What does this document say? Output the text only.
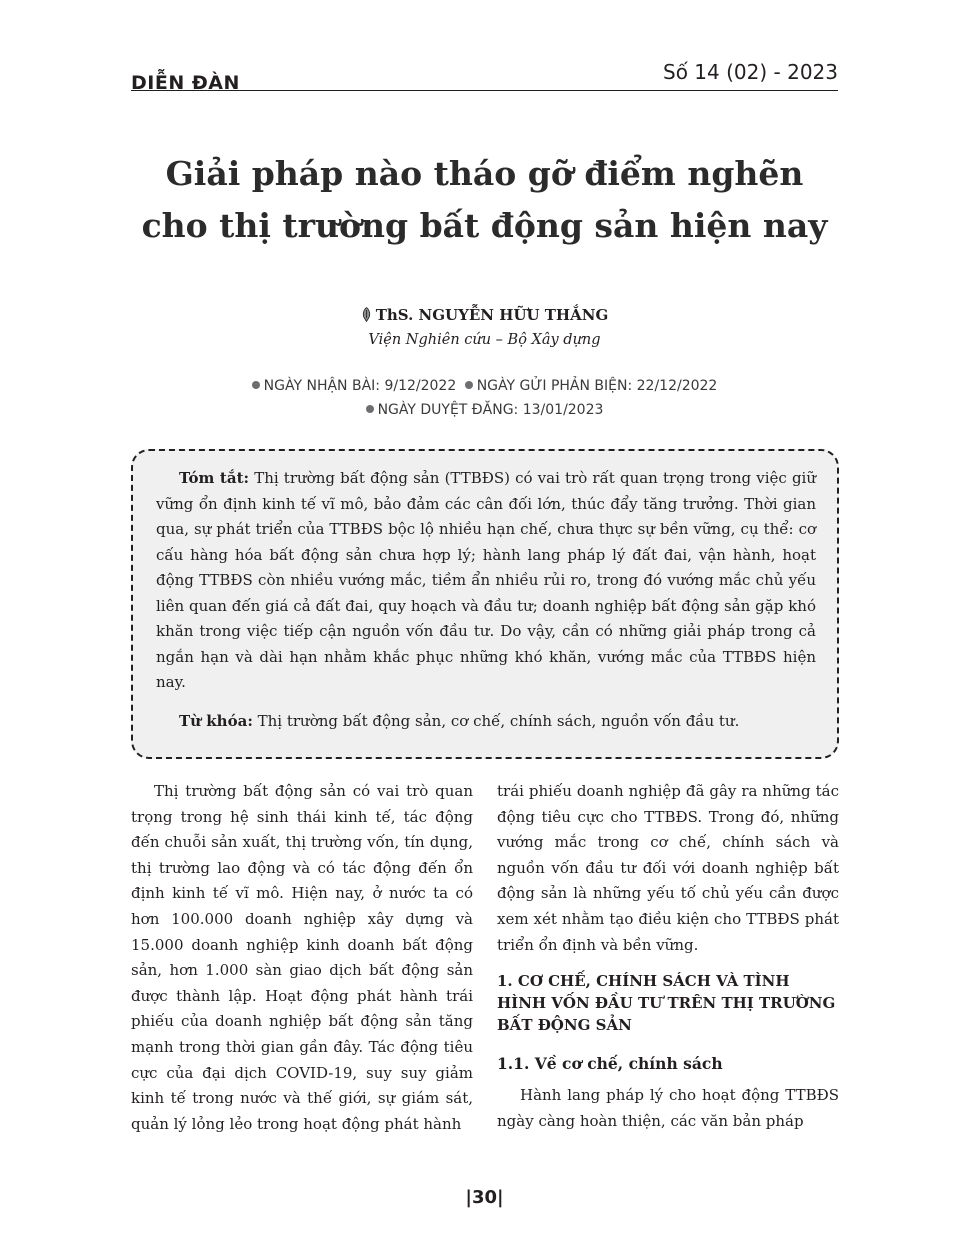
DIỄN ĐÀN	Số 14 (02) - 2023
Giải pháp nào tháo gỡ điểm nghẽn
cho thị trường bất động sản hiện nay
ThS. NGUYỄN HỮU THẮNG
Viện Nghiên cứu – Bộ Xây dựng
NGÀY NHẬN BÀI: 9/12/2022 NGÀY GỬI PHẢN BIỆN: 22/12/2022
NGÀY DUYỆT ĐĂNG: 13/01/2023

Tóm tắt: Thị trường bất động sản (TTBĐS) có vai trò rất quan trọng trong việc giữ vững ổn định kinh tế vĩ mô, bảo đảm các cân đối lớn, thúc đẩy tăng trưởng. Thời gian qua, sự phát triển của TTBĐS bộc lộ nhiều hạn chế, chưa thực sự bền vững, cụ thể: cơ cấu hàng hóa bất động sản chưa hợp lý; hành lang pháp lý đất đai, vận hành, hoạt động TTBĐS còn nhiều vướng mắc, tiềm ẩn nhiều rủi ro, trong đó vướng mắc chủ yếu liên quan đến giá cả đất đai, quy hoạch và đầu tư; doanh nghiệp bất động sản gặp khó khăn trong việc tiếp cận nguồn vốn đầu tư. Do vậy, cần có những giải pháp trong cả ngắn hạn và dài hạn nhằm khắc phục những khó khăn, vướng mắc của TTBĐS hiện nay.

Từ khóa: Thị trường bất động sản, cơ chế, chính sách, nguồn vốn đầu tư.

Thị trường bất động sản có vai trò quan trọng trong hệ sinh thái kinh tế, tác động đến chuỗi sản xuất, thị trường vốn, tín dụng, thị trường lao động và có tác động đến ổn định kinh tế vĩ mô. Hiện nay, ở nước ta có hơn 100.000 doanh nghiệp xây dựng và 15.000 doanh nghiệp kinh doanh bất động sản, hơn 1.000 sàn giao dịch bất động sản được thành lập. Hoạt động phát hành trái phiếu của doanh nghiệp bất động sản tăng mạnh trong thời gian gần đây. Tác động tiêu cực của đại dịch COVID-19, suy suy giảm kinh tế trong nước và thế giới, sự giám sát, quản lý lỏng lẻo trong hoạt động phát hành

trái phiếu doanh nghiệp đã gây ra những tác động tiêu cực cho TTBĐS. Trong đó, những vướng mắc trong cơ chế, chính sách và nguồn vốn đầu tư đối với doanh nghiệp bất động sản là những yếu tố chủ yếu cần được xem xét nhằm tạo điều kiện cho TTBĐS phát triển ổn định và bền vững.

1. CƠ CHẾ, CHÍNH SÁCH VÀ TÌNH HÌNH VỐN ĐẦU TƯ TRÊN THỊ TRƯỜNG BẤT ĐỘNG SẢN
1.1. Về cơ chế, chính sách

Hành lang pháp lý cho hoạt động TTBĐS ngày càng hoàn thiện, các văn bản pháp

|30|
